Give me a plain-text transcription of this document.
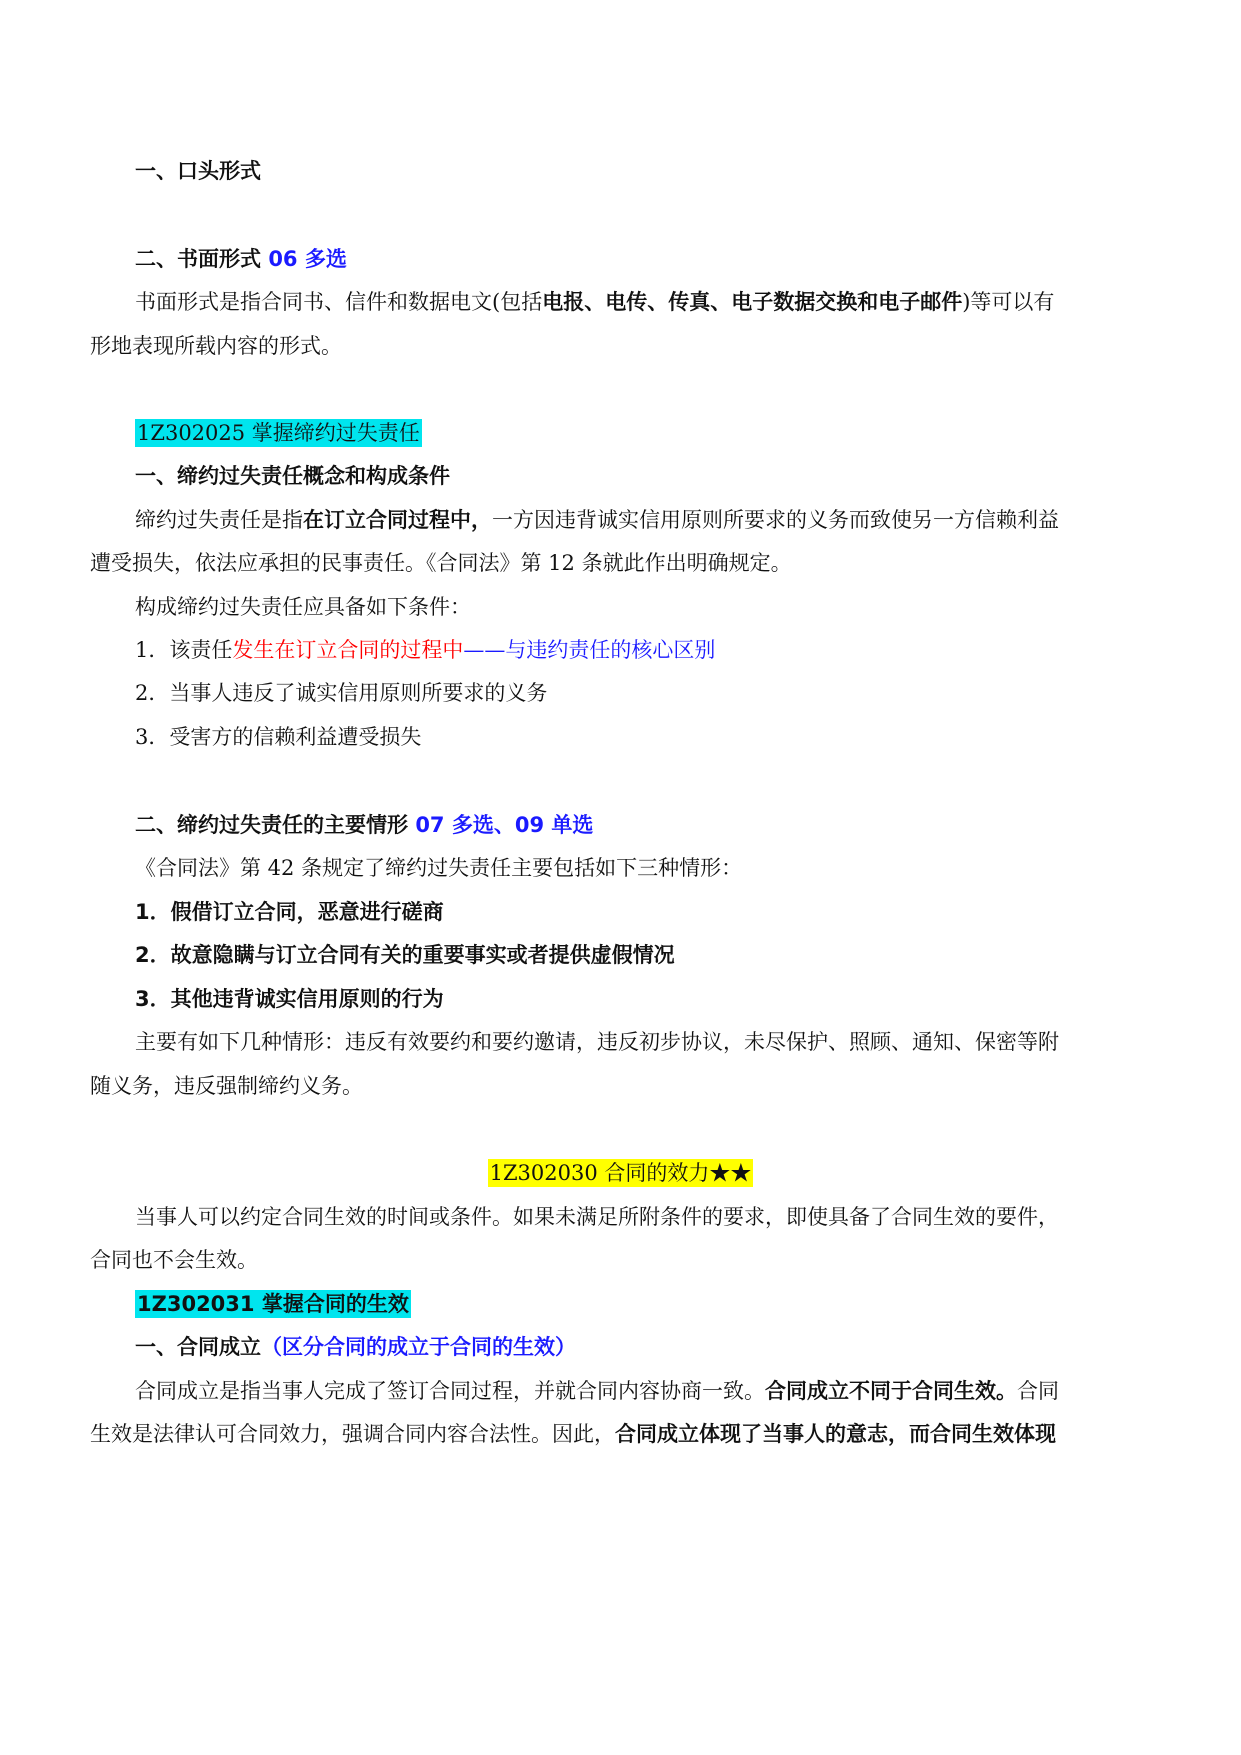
一、口头形式
二、书面形式 06 多选
书面形式是指合同书、信件和数据电文(包括电报、电传、传真、电子数据交换和电子邮件)等可以有
形地表现所载内容的形式。
1Z302025 掌握缔约过失责任
一、缔约过失责任概念和构成条件
缔约过失责任是指在订立合同过程中，一方因违背诚实信用原则所要求的义务而致使另一方信赖利益
遭受损失，依法应承担的民事责任。《合同法》第 12 条就此作出明确规定。
构成缔约过失责任应具备如下条件：
1．该责任发生在订立合同的过程中——与违约责任的核心区别
2．当事人违反了诚实信用原则所要求的义务
3．受害方的信赖利益遭受损失
二、缔约过失责任的主要情形 07 多选、09 单选
《合同法》第 42 条规定了缔约过失责任主要包括如下三种情形：
1．假借订立合同，恶意进行磋商
2．故意隐瞒与订立合同有关的重要事实或者提供虚假情况
3．其他违背诚实信用原则的行为
主要有如下几种情形：违反有效要约和要约邀请，违反初步协议，未尽保护、照顾、通知、保密等附
随义务，违反强制缔约义务。
1Z302030 合同的效力★★
当事人可以约定合同生效的时间或条件。如果未满足所附条件的要求，即使具备了合同生效的要件，
合同也不会生效。
1Z302031 掌握合同的生效
一、合同成立（区分合同的成立于合同的生效）
合同成立是指当事人完成了签订合同过程，并就合同内容协商一致。合同成立不同于合同生效。合同
生效是法律认可合同效力，强调合同内容合法性。因此，合同成立体现了当事人的意志，而合同生效体现
